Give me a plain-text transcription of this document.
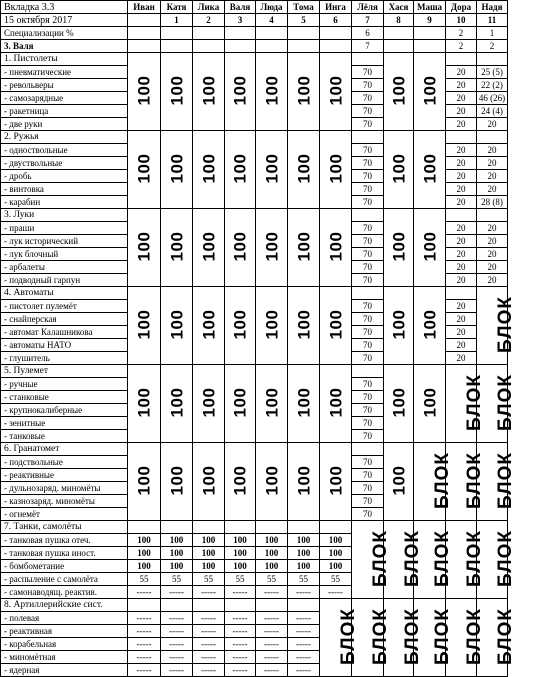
Вкладка 3.3	Иван	Катя	Лика	Валя	Люда	Тома	Инга	Лёля	Хася	Маша	Дора	Надя
15 октября 2017		1	2	3	4	5	6	7	8	9	10	11
Специализации %								6			2	1
3. Валя								7			2	2
1. Пистолеты	100	100	100	100	100	100	100		100	100		
- пневматические								70			20	25 (5)
- револьверы								70			20	22 (2)
- самозарядные								70			20	46 (26)
- ракетница								70			20	24 (4)
- две руки								70			20	20
2. Ружья	100	100	100	100	100	100	100		100	100		
- одноствольные								70			20	20
- двуствольные								70			20	20
- дробь								70			20	20
- винтовка								70			20	20
- карабин								70			20	28 (8)
3. Луки	100	100	100	100	100	100	100		100	100		
- праши								70			20	20
- лук исторический								70			20	20
- лук блочный								70			20	20
- арбалеты								70			20	20
- подводный гарпун								70			20	20
4. Автоматы	100	100	100	100	100	100	100		100	100		БЛОК
- пистолет пулемёт								70			20	
- снайперская								70			20	
- автомат Калашникова								70			20	
- автоматы НАТО								70			20	
- глушитель								70			20	
5. Пулемет	100	100	100	100	100	100	100		100	100	БЛОК	БЛОК
- ручные								70				
- станковые								70				
- крупнокалиберные								70				
- зенитные								70				
- танковые								70				
6. Гранатомет	100	100	100	100	100	100	100		100	БЛОК	БЛОК	БЛОК
- подствольные								70				
- реактивные								70				
- дульнозаряд. миномёты								70				
- казнозаряд. миномёты								70				
- огнемёт								70				
7. Танки, самолёты								БЛОК	БЛОК	БЛОК	БЛОК	БЛОК
- танковая пушка отеч.	100	100	100	100	100	100	100					
- танковая пушка иност.	100	100	100	100	100	100	100					
- бомбометание	100	100	100	100	100	100	100					
- распыление с самолёта	55	55	55	55	55	55	55					
- самонаводящ. реактив.	-----	-----	-----	-----	-----	-----	-----					
8. Артиллерийские сист.							БЛОК	БЛОК	БЛОК	БЛОК	БЛОК	БЛОК
- полевая	-----	-----	-----	-----	-----	-----						
- реактивная	-----	-----	-----	-----	-----	-----						
- корабельная	-----	-----	-----	-----	-----	-----						
- миномётная	-----	-----	-----	-----	-----	-----						
- ядерная	-----	-----	-----	-----	-----	-----						
